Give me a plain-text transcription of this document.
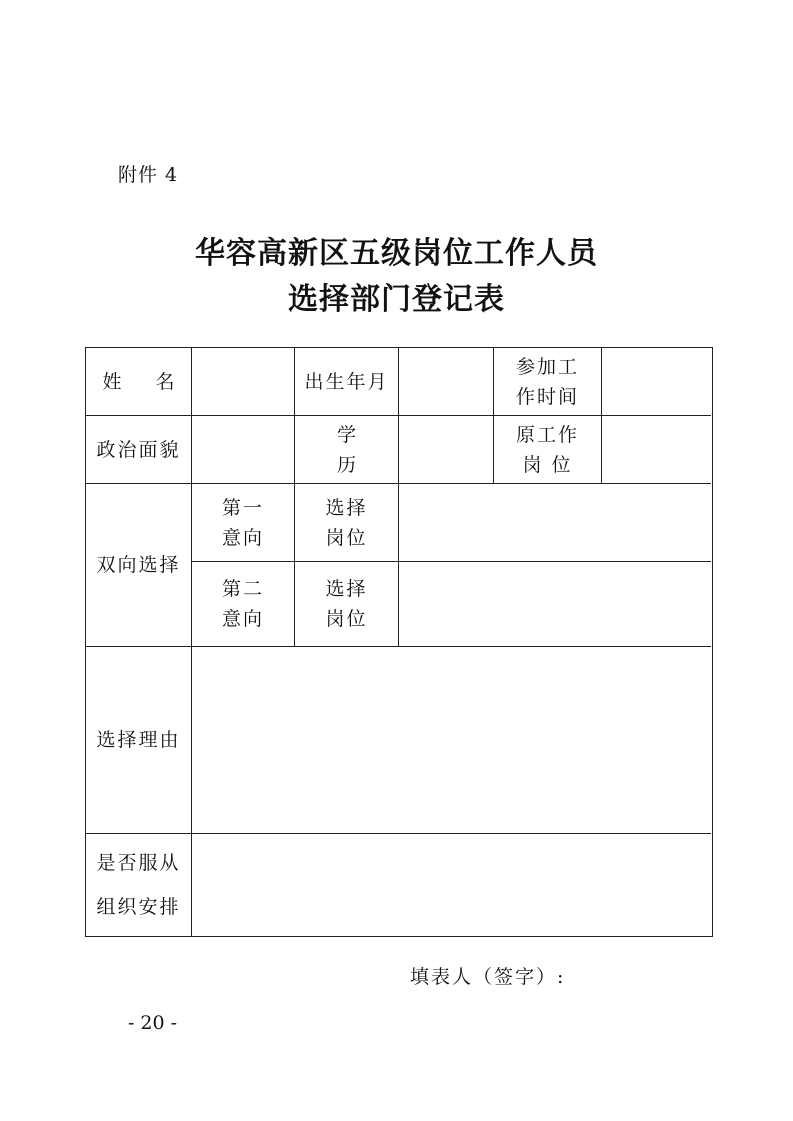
附件 4
华容高新区五级岗位工作人员
选择部门登记表
姓 名	出生年月
参加工
作时间
政治面貌
学 历
原工作
岗 位
双向选择
第一
意向
选择
岗位
第二
意向
选择
岗位
选择理由
是否服从
组织安排
填表人（签字）:
- 20 -
